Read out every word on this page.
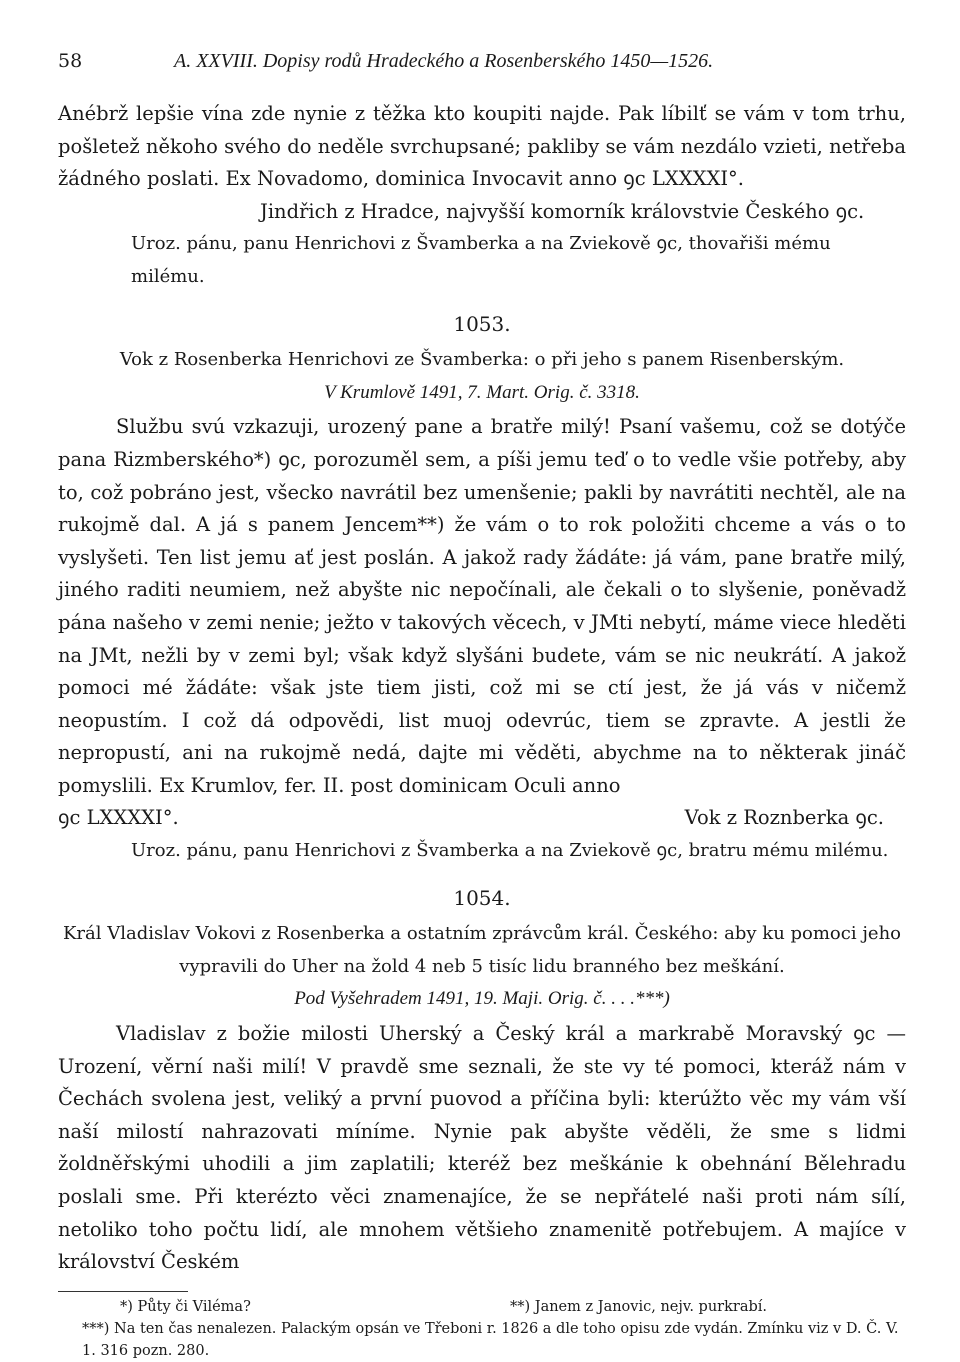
58	A. XXVIII. Dopisy rodů Hradeckého a Rosenberského 1450—1526.

Anébrž lepšie vína zde nynie z těžka kto koupiti najde. Pak líbilť se vám v tom trhu, pošletež někoho svého do neděle svrchupsané; pakliby se vám nezdálo vzieti, netřeba žádného poslati. Ex Novadomo, dominica Invocavit anno ꝯc LXXXXI°.

Jindřich z Hradce, najvyšší komorník královstvie Českého ꝯc.

Uroz. pánu, panu Henrichovi z Švamberka a na Zviekově ꝯc, thovařiši mému milému.

1053.
Vok z Rosenberka Henrichovi ze Švamberka: o při jeho s panem Risenberským.
V Krumlově 1491, 7. Mart. Orig. č. 3318.

Službu svú vzkazuji, urozený pane a bratře milý! Psaní vašemu, což se dotýče pana Rizmberského*) ꝯc, porozuměl sem, a píši jemu teď o to vedle všie potřeby, aby to, což pobráno jest, všecko navrátil bez umenšenie; pakli by navrátiti nechtěl, ale na rukojmě dal. A já s panem Jencem**) že vám o to rok položiti chceme a vás o to vyslyšeti. Ten list jemu ať jest poslán. A jakož rady žádáte: já vám, pane bratře milý, jiného raditi neumiem, než abyšte nic nepočínali, ale čekali o to slyšenie, poněvadž pána našeho v zemi nenie; ježto v takových věcech, v JMti nebytí, máme viece hleděti na JMt, nežli by v zemi byl; však když slyšáni budete, vám se nic neukrátí. A jakož pomoci mé žádáte: však jste tiem jisti, což mi se ctí jest, že já vás v ničemž neopustím. I což dá odpovědi, list muoj odevrúc, tiem se zpravte. A jestli že nepropustí, ani na rukojmě nedá, dajte mi věděti, abychme na to některak jináč pomyslili. Ex Krumlov, fer. II. post dominicam Oculi anno

ꝯc LXXXXI°.	Vok z Roznberka ꝯc.

Uroz. pánu, panu Henrichovi z Švamberka a na Zviekově ꝯc, bratru mému milému.

1054.
Král Vladislav Vokovi z Rosenberka a ostatním zprávcům král. Českého: aby ku pomoci jeho vypravili do Uher na žold 4 neb 5 tisíc lidu branného bez meškání.
Pod Vyšehradem 1491, 19. Maji. Orig. č. . . .***)

Vladislav z božie milosti Uherský a Český král a markrabě Moravský ꝯc — Urození, věrní naši milí! V pravdě sme seznali, že ste vy té pomoci, kteráž nám v Čechách svolena jest, veliký a první puovod a příčina byli: kterúžto věc my vám vší naší milostí nahrazovati míníme. Nynie pak abyšte věděli, že sme s lidmi žoldněřskými uhodili a jim zaplatili; kteréž bez meškánie k obehnání Bělehradu poslali sme. Při kterézto věci znamenajíce, že se nepřátelé naši proti nám sílí, netoliko toho počtu lidí, ale mnohem většieho znamenitě potřebujem. A majíce v království Českém

*) Půty či Viléma?	**) Janem z Janovic, nejv. purkrabí.
***) Na ten čas nenalezen. Palackým opsán ve Třeboni r. 1826 a dle toho opisu zde vydán. Zmínku viz v D. Č. V. 1. 316 pozn. 280.
